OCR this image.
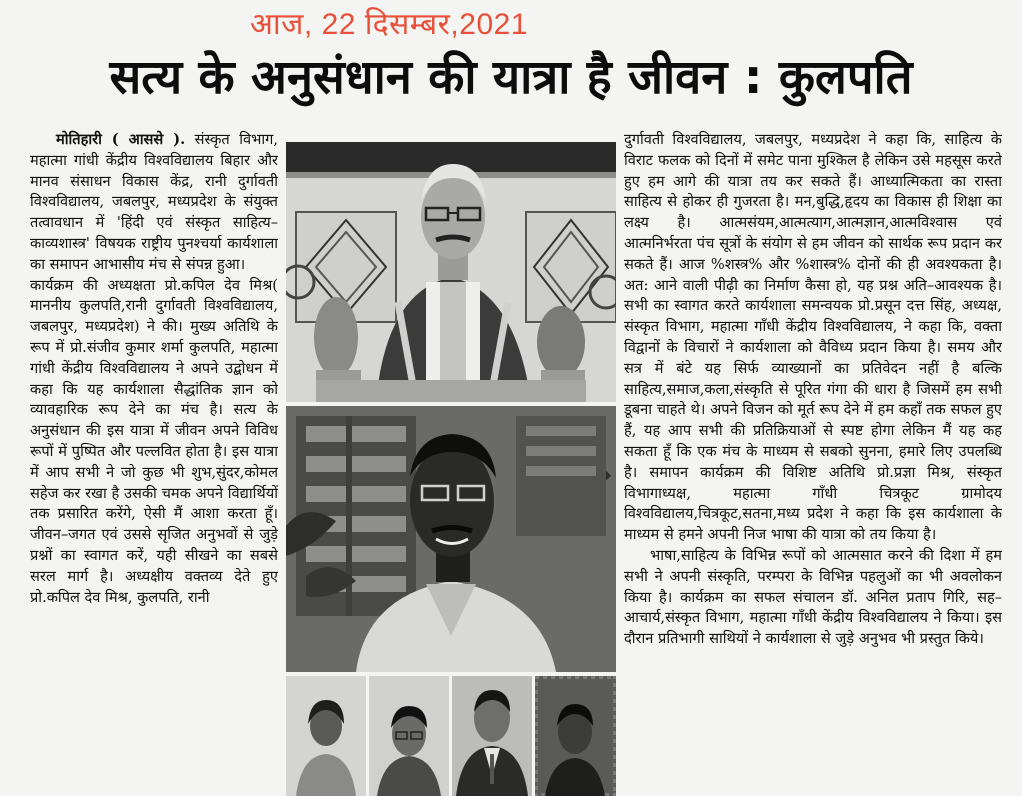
आज, 22 दिसम्बर,2021
सत्य के अनुसंधान की यात्रा है जीवन : कुलपति

मोतिहारी ( आससे ). संस्कृत विभाग, महात्मा गांधी केंद्रीय विश्वविद्यालय बिहार और मानव संसाधन विकास केंद्र, रानी दुर्गावती विश्वविद्यालय, जबलपुर, मध्यप्रदेश के संयुक्त तत्वावधान में 'हिंदी एवं संस्कृत साहित्य–काव्यशास्त्र' विषयक राष्ट्रीय पुनश्चर्या कार्यशाला का समापन आभासीय मंच से संपन्न हुआ।

कार्यक्रम की अध्यक्षता प्रो.कपिल देव मिश्र( माननीय कुलपति,रानी दुर्गावती विश्वविद्यालय, जबलपुर, मध्यप्रदेश) ने की। मुख्य अतिथि के रूप में प्रो.संजीव कुमार शर्मा कुलपति, महात्मा गांधी केंद्रीय विश्वविद्यालय ने अपने उद्बोधन में कहा कि यह कार्यशाला सैद्धांतिक ज्ञान को व्यावहारिक रूप देने का मंच है। सत्य के अनुसंधान की इस यात्रा में जीवन अपने विविध रूपों में पुष्पित और पल्लवित होता है। इस यात्रा में आप सभी ने जो कुछ भी शुभ,सुंदर,कोमल सहेज कर रखा है उसकी चमक अपने विद्यार्थियों तक प्रसारित करेंगे, ऐसी मैं आशा करता हूँ। जीवन–जगत एवं उससे सृजित अनुभवों से जुड़े प्रश्नों का स्वागत करें, यही सीखने का सबसे सरल मार्ग है। अध्यक्षीय वक्तव्य देते हुए प्रो.कपिल देव मिश्र, कुलपति, रानी

दुर्गावती विश्वविद्यालय, जबलपुर, मध्यप्रदेश ने कहा कि, साहित्य के विराट फलक को दिनों में समेट पाना मुश्किल है लेकिन उसे महसूस करते हुए हम आगे की यात्रा तय कर सकते हैं। आध्यात्मिकता का रास्ता साहित्य से होकर ही गुजरता है। मन,बुद्धि,हृदय का विकास ही शिक्षा का लक्ष्य है। आत्मसंयम,आत्मत्याग,आत्मज्ञान,आत्मविश्वास एवं आत्मनिर्भरता पंच सूत्रों के संयोग से हम जीवन को सार्थक रूप प्रदान कर सकते हैं। आज %शस्त्र% और %शास्त्र% दोनों की ही अवश्यकता है। अत: आने वाली पीढ़ी का निर्माण कैसा हो, यह प्रश्न अति–आवश्यक है। सभी का स्वागत करते कार्यशाला समन्वयक प्रो.प्रसून दत्त सिंह, अध्यक्ष, संस्कृत विभाग, महात्मा गाँधी केंद्रीय विश्वविद्यालय, ने कहा कि, वक्ता विद्वानों के विचारों ने कार्यशाला को वैविध्य प्रदान किया है। समय और सत्र में बंटे यह सिर्फ व्याख्यानों का प्रतिवेदन नहीं है बल्कि साहित्य,समाज,कला,संस्कृति से पूरित गंगा की धारा है जिसमें हम सभी डूबना चाहते थे। अपने विजन को मूर्त रूप देने में हम कहाँ तक सफल हुए हैं, यह आप सभी की प्रतिक्रियाओं से स्पष्ट होगा लेकिन मैं यह कह सकता हूँ कि एक मंच के माध्यम से सबको सुनना, हमारे लिए उपलब्धि है। समापन कार्यक्रम की विशिष्ट अतिथि प्रो.प्रज्ञा मिश्र, संस्कृत विभागाध्यक्ष, महात्मा गाँधी चित्रकूट ग्रामोदय विश्वविद्यालय,चित्रकूट,सतना,मध्य प्रदेश ने कहा कि इस कार्यशाला के माध्यम से हमने अपनी निज भाषा की यात्रा को तय किया है।

भाषा,साहित्य के विभिन्न रूपों को आत्मसात करने की दिशा में हम सभी ने अपनी संस्कृति, परम्परा के विभिन्न पहलुओं का भी अवलोकन किया है। कार्यक्रम का सफल संचालन डॉ. अनिल प्रताप गिरि, सह–आचार्य,संस्कृत विभाग, महात्मा गाँधी केंद्रीय विश्वविद्यालय ने किया। इस दौरान प्रतिभागी साथियों ने कार्यशाला से जुड़े अनुभव भी प्रस्तुत किये।
